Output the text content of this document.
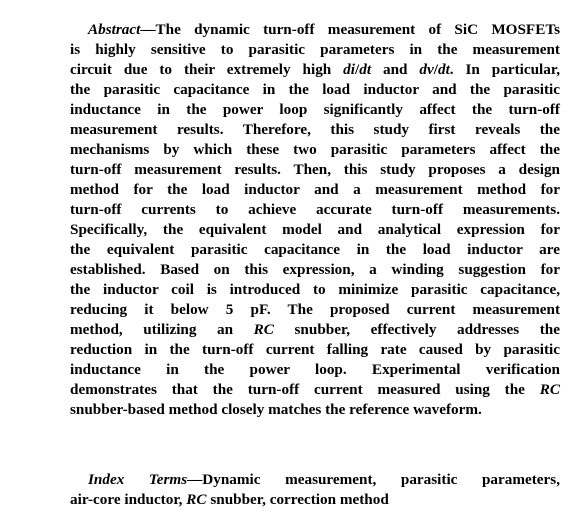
Abstract—The dynamic turn-off measurement of SiC MOSFETs
is highly sensitive to parasitic parameters in the measurement
circuit due to their extremely high di/dt and dv/dt. In particular,
the parasitic capacitance in the load inductor and the parasitic
inductance in the power loop significantly affect the turn-off
measurement results. Therefore, this study first reveals the
mechanisms by which these two parasitic parameters affect the
turn-off measurement results. Then, this study proposes a design
method for the load inductor and a measurement method for
turn-off currents to achieve accurate turn-off measurements.
Specifically, the equivalent model and analytical expression for
the equivalent parasitic capacitance in the load inductor are
established. Based on this expression, a winding suggestion for
the inductor coil is introduced to minimize parasitic capacitance,
reducing it below 5 pF. The proposed current measurement
method, utilizing an RC snubber, effectively addresses the
reduction in the turn-off current falling rate caused by parasitic
inductance in the power loop. Experimental verification
demonstrates that the turn-off current measured using the RC
snubber-based method closely matches the reference waveform.
Index Terms—Dynamic measurement, parasitic parameters,
air-core inductor, RC snubber, correction method
